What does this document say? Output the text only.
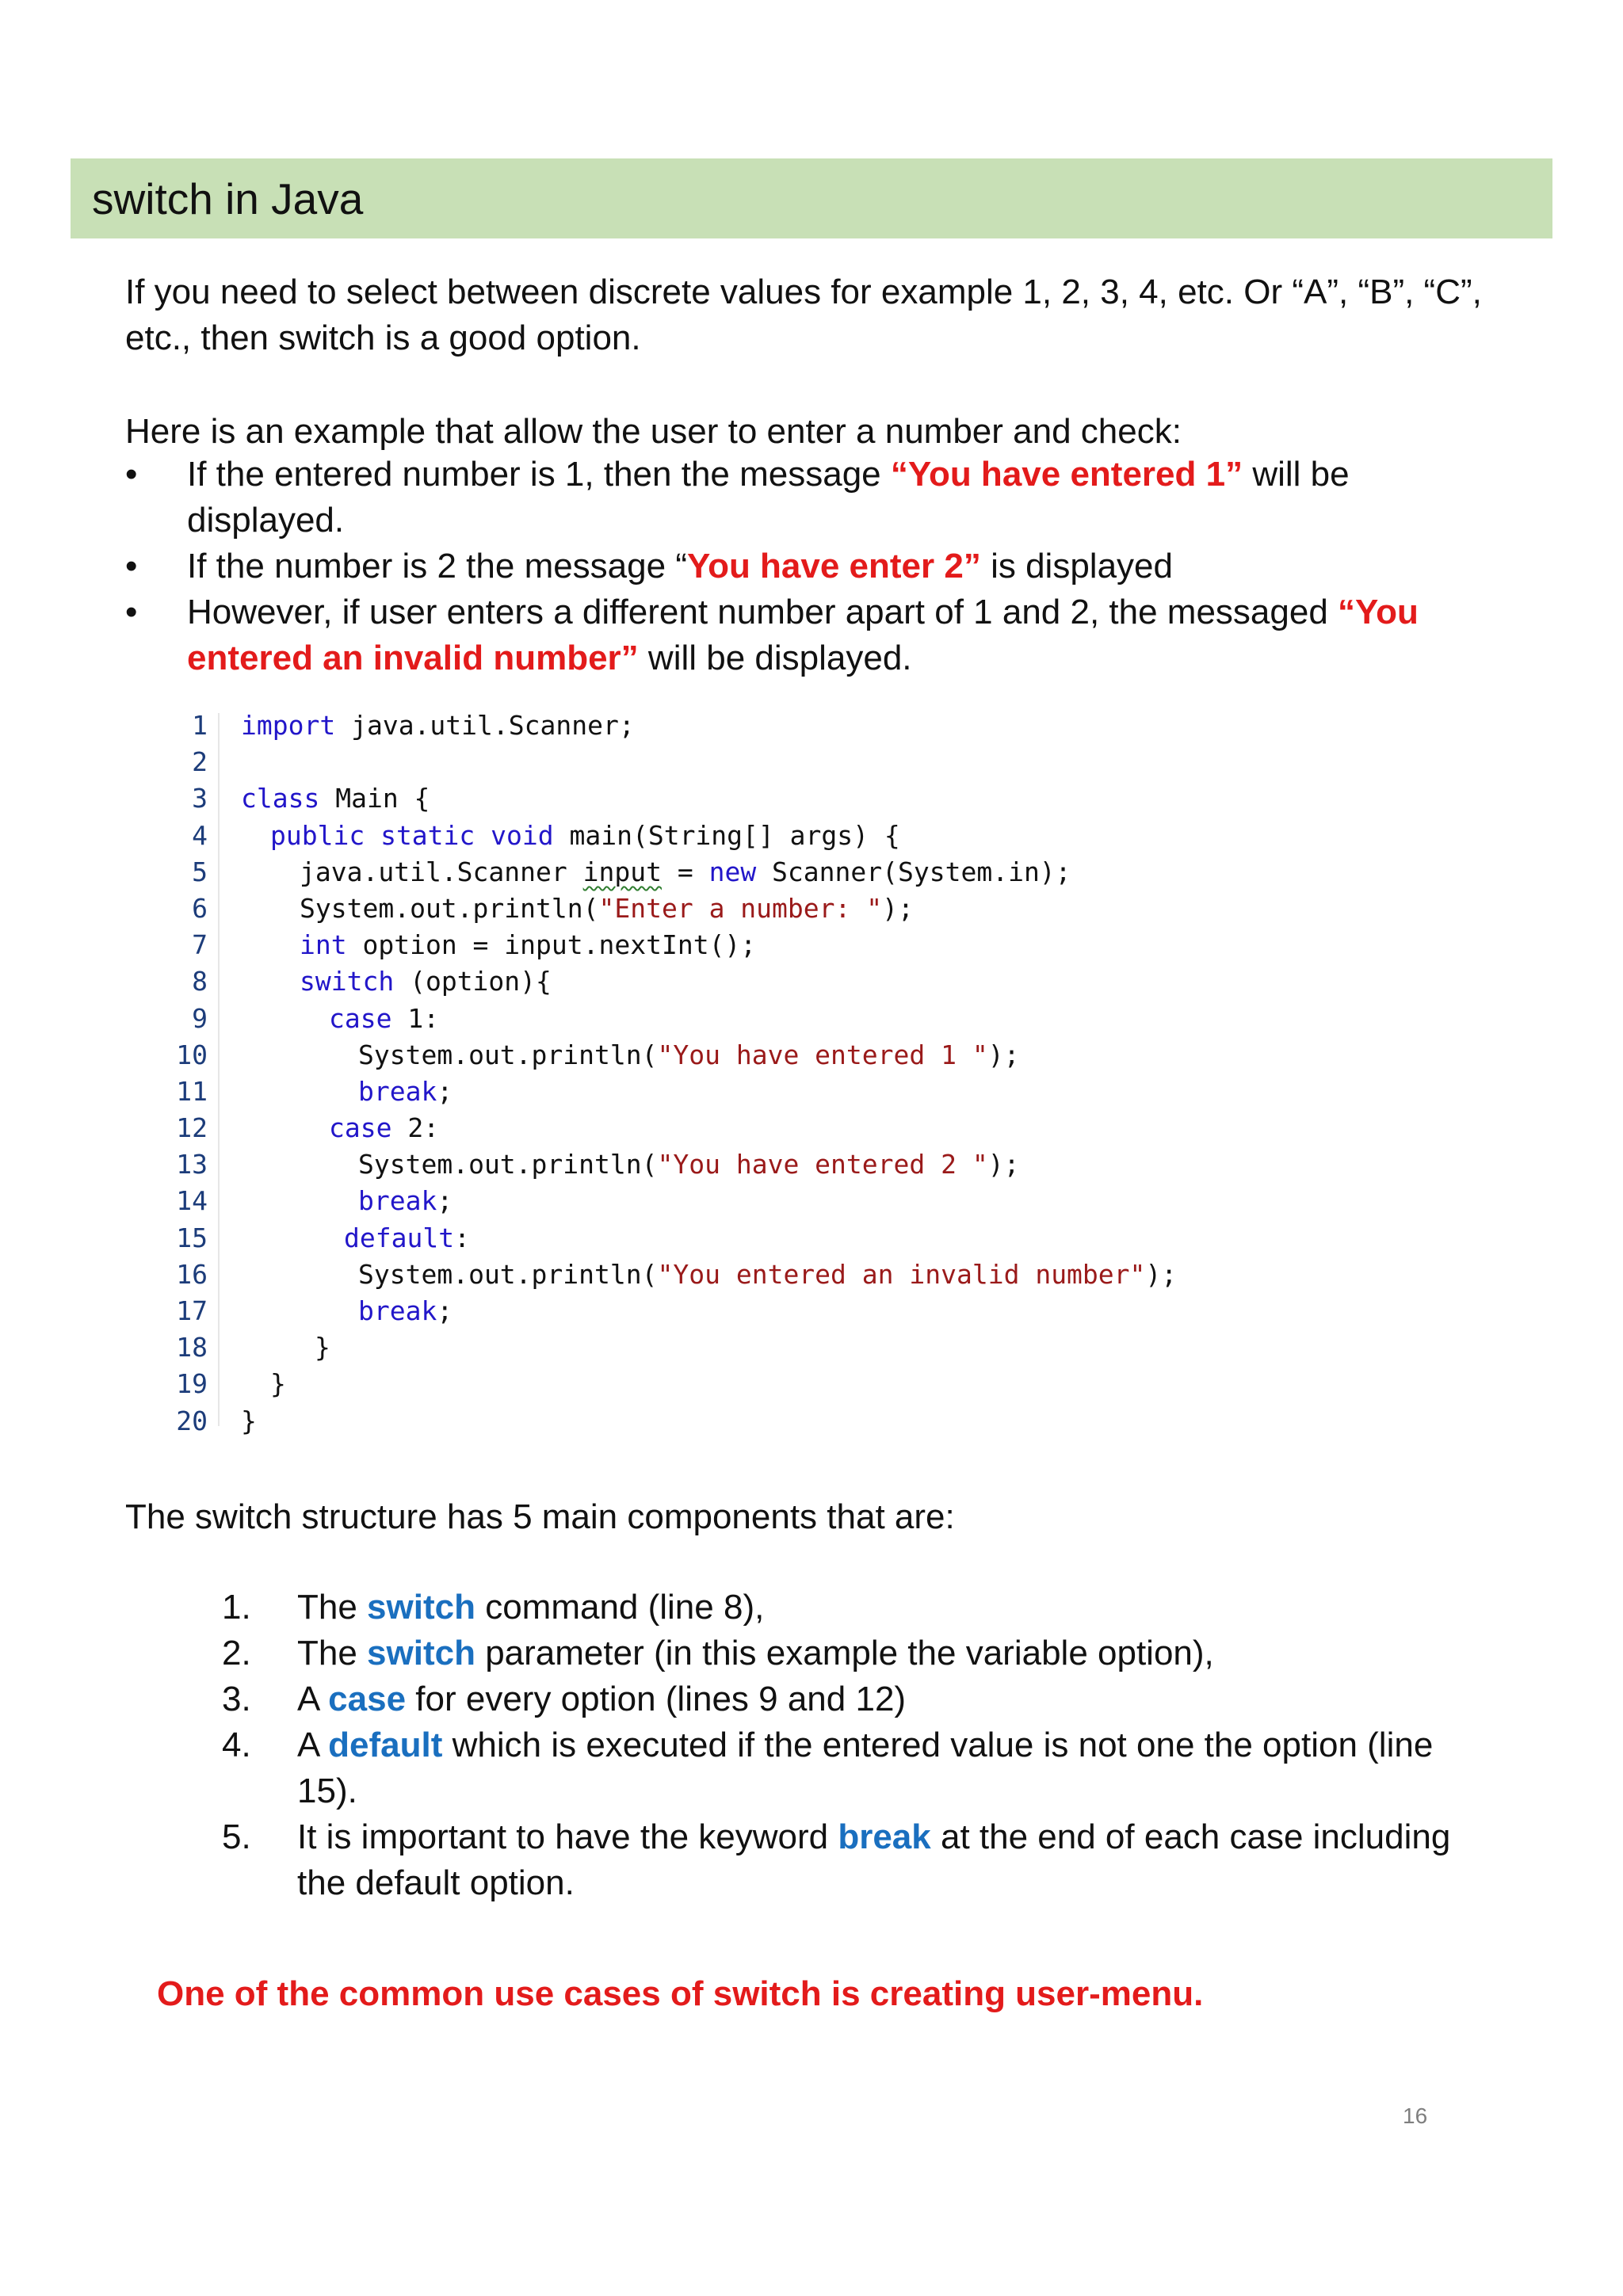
switch in Java
If you need to select between discrete values for example 1, 2, 3, 4, etc. Or “A”, “B”, “C”, etc., then switch is a good option.
Here is an example that allow the user to enter a number and check:
• If the entered number is 1, then the message “You have entered 1” will be displayed.
• If the number is 2 the message “You have enter 2” is displayed
• However, if user enters a different number apart of 1 and 2, the messaged “You entered an invalid number” will be displayed.
1 import java.util.Scanner;
2
3 class Main {
4 public static void main(String[] args) {
5	java.util.Scanner input = new Scanner(System.in);
6	System.out.println("Enter a number: ");
7	int option = input.nextInt();
8	switch (option){
9	case 1:
10	System.out.println("You have entered 1 ");
11	break;
12	case 2:
13	System.out.println("You have entered 2 ");
14	break;
15	default:
16	System.out.println("You entered an invalid number");
17	break;
18	}
19 }
20 }
The switch structure has 5 main components that are:
1. The switch command (line 8),
2. The switch parameter (in this example the variable option),
3. A case for every option (lines 9 and 12)
4. A default which is executed if the entered value is not one the option (line 15).
5. It is important to have the keyword break at the end of each case including the default option.
One of the common use cases of switch is creating user-menu.
16
